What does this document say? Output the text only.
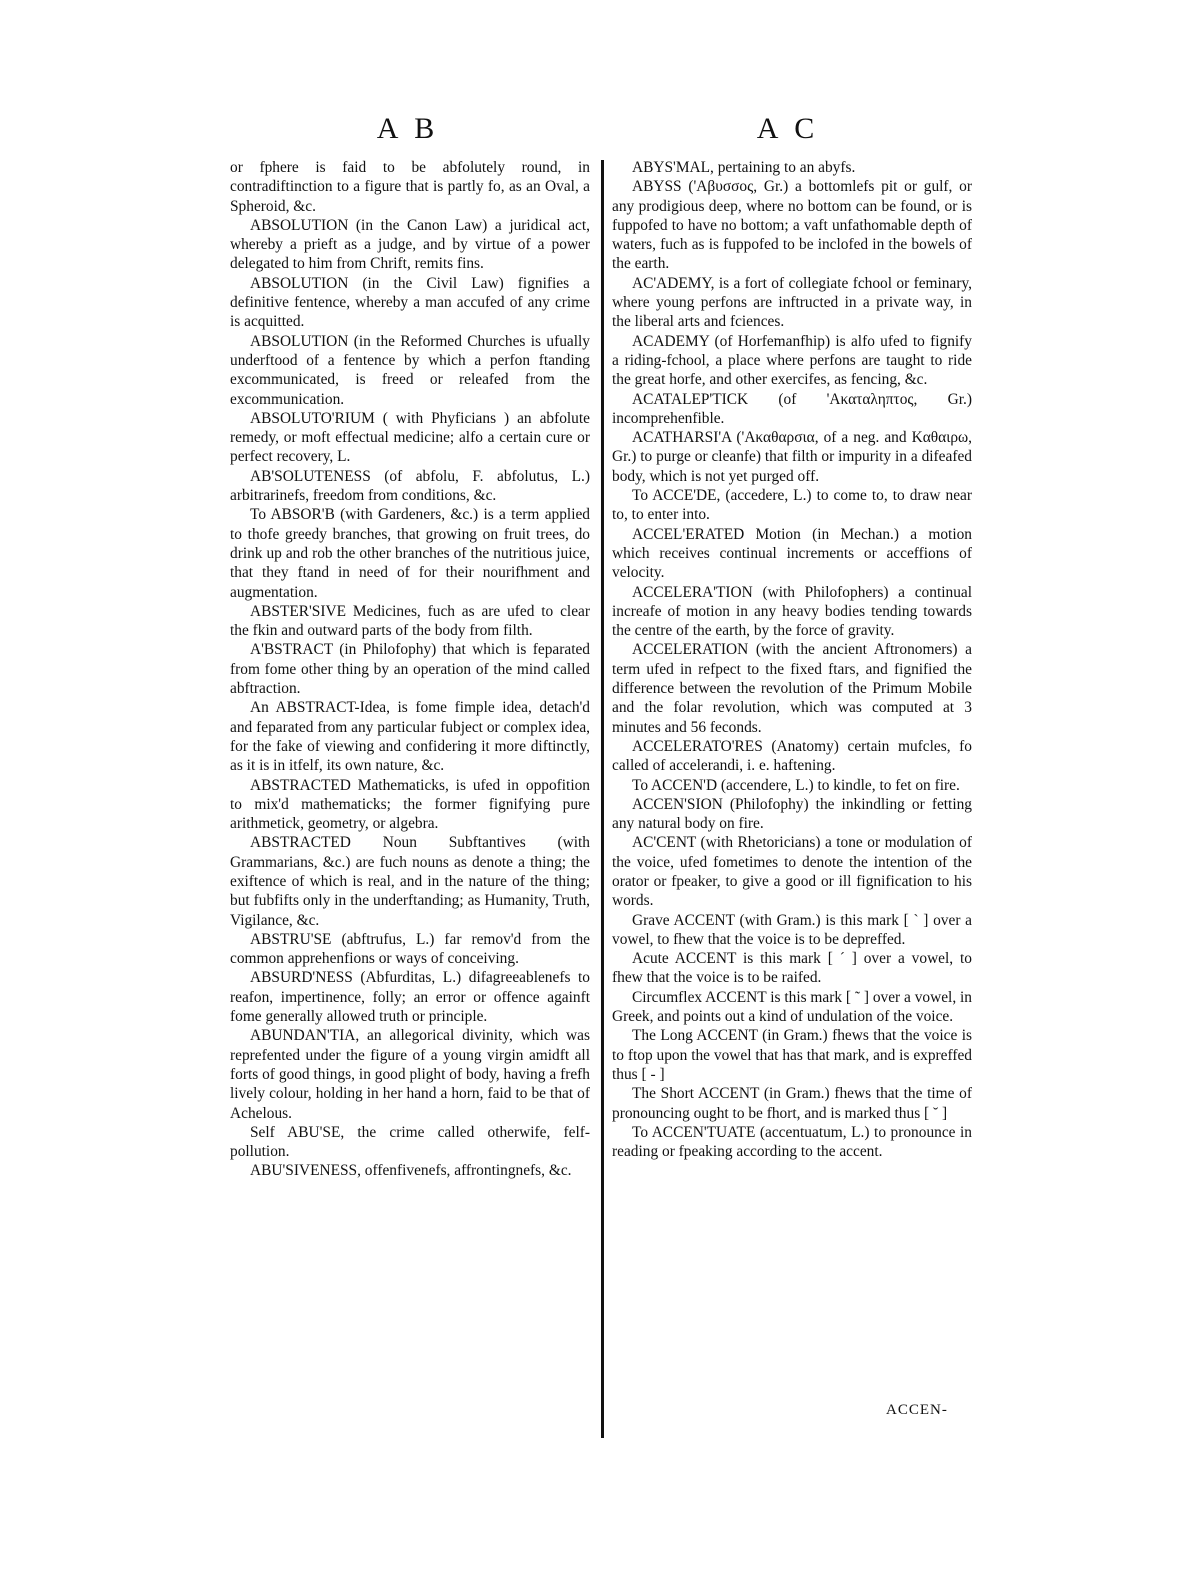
A B	A C

or fphere is faid to be abfolutely round, in contradiftinction to a figure that is partly fo, as an Oval, a Spheroid, &c.

ABSOLUTION (in the Canon Law) a juridical act, whereby a prieft as a judge, and by virtue of a power delegated to him from Chrift, remits fins.

ABSOLUTION (in the Civil Law) fignifies a definitive fentence, whereby a man accufed of any crime is acquitted.

ABSOLUTION (in the Reformed Churches is ufually underftood of a fentence by which a perfon ftanding excommunicated, is freed or releafed from the excommunication.

ABSOLUTO'RIUM ( with Phyficians ) an abfolute remedy, or moft effectual medicine; alfo a certain cure or perfect recovery, L.

AB'SOLUTENESS (of abfolu, F. abfolutus, L.) arbitrarinefs, freedom from conditions, &c.

To ABSOR'B (with Gardeners, &c.) is a term applied to thofe greedy branches, that growing on fruit trees, do drink up and rob the other branches of the nutritious juice, that they ftand in need of for their nourifhment and augmentation.

ABSTER'SIVE Medicines, fuch as are ufed to clear the fkin and outward parts of the body from filth.

A'BSTRACT (in Philofophy) that which is feparated from fome other thing by an operation of the mind called abftraction.

An ABSTRACT-Idea, is fome fimple idea, detach'd and feparated from any particular fubject or complex idea, for the fake of viewing and confidering it more diftinctly, as it is in itfelf, its own nature, &c.

ABSTRACTED Mathematicks, is ufed in oppofition to mix'd mathematicks; the former fignifying pure arithmetick, geometry, or algebra.

ABSTRACTED Noun Subftantives (with Grammarians, &c.) are fuch nouns as denote a thing; the exiftence of which is real, and in the nature of the thing; but fubfifts only in the underftanding; as Humanity, Truth, Vigilance, &c.

ABSTRU'SE (abftrufus, L.) far remov'd from the common apprehenfions or ways of conceiving.

ABSURD'NESS (Abfurditas, L.) difagreeablenefs to reafon, impertinence, folly; an error or offence againft fome generally allowed truth or principle.

ABUNDAN'TIA, an allegorical divinity, which was reprefented under the figure of a young virgin amidft all forts of good things, in good plight of body, having a frefh lively colour, holding in her hand a horn, faid to be that of Achelous.

Self ABU'SE, the crime called otherwife, felf-pollution.

ABU'SIVENESS, offenfivenefs, affrontingnefs, &c.

ABYS'MAL, pertaining to an abyfs.

ABYSS ('Aβυσσος, Gr.) a bottomlefs pit or gulf, or any prodigious deep, where no bottom can be found, or is fuppofed to have no bottom; a vaft unfathomable depth of waters, fuch as is fuppofed to be inclofed in the bowels of the earth.

AC'ADEMY, is a fort of collegiate fchool or feminary, where young perfons are inftructed in a private way, in the liberal arts and fciences.

ACADEMY (of Horfemanfhip) is alfo ufed to fignify a riding-fchool, a place where perfons are taught to ride the great horfe, and other exercifes, as fencing, &c.

ACATALEP'TICK (of 'Aκαταληπτος, Gr.) incomprehenfible.

ACATHARSI'A ('Aκαθαρσια, of a neg. and Kαθαιρω, Gr.) to purge or cleanfe) that filth or impurity in a difeafed body, which is not yet purged off.

To ACCE'DE, (accedere, L.) to come to, to draw near to, to enter into.

ACCEL'ERATED Motion (in Mechan.) a motion which receives continual increments or acceffions of velocity.

ACCELERA'TION (with Philofophers) a continual increafe of motion in any heavy bodies tending towards the centre of the earth, by the force of gravity.

ACCELERATION (with the ancient Aftronomers) a term ufed in refpect to the fixed ftars, and fignified the difference between the revolution of the Primum Mobile and the folar revolution, which was computed at 3 minutes and 56 feconds.

ACCELERATO'RES (Anatomy) certain mufcles, fo called of accelerandi, i. e. haftening.

To ACCEN'D (accendere, L.) to kindle, to fet on fire.

ACCEN'SION (Philofophy) the inkindling or fetting any natural body on fire.

AC'CENT (with Rhetoricians) a tone or modulation of the voice, ufed fometimes to denote the intention of the orator or fpeaker, to give a good or ill fignification to his words.

Grave ACCENT (with Gram.) is this mark [ ` ] over a vowel, to fhew that the voice is to be depreffed.

Acute ACCENT is this mark [ ´ ] over a vowel, to fhew that the voice is to be raifed.

Circumflex ACCENT is this mark [ ˜ ] over a vowel, in Greek, and points out a kind of undulation of the voice.

The Long ACCENT (in Gram.) fhews that the voice is to ftop upon the vowel that has that mark, and is expreffed thus [ - ]

The Short ACCENT (in Gram.) fhews that the time of pronouncing ought to be fhort, and is marked thus [ ˘ ]

To ACCEN'TUATE (accentuatum, L.) to pronounce in reading or fpeaking according to the accent.

ACCEN-
